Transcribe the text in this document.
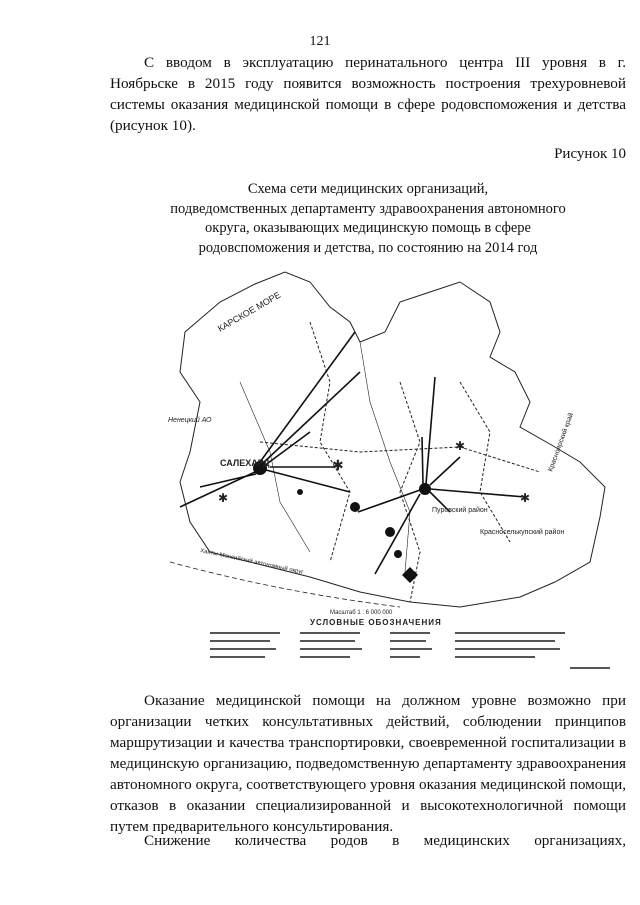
121
С вводом в эксплуатацию перинатального центра III уровня в г. Ноябрьске в 2015 году появится возможность построения трехуровневой системы оказания медицинской помощи в сфере родовспоможения и детства (рисунок 10).
Рисунок 10
Схема сети медицинских организаций,
подведомственных департаменту здравоохранения автономного
округа, оказывающих медицинскую помощь в сфере
родовспоможения и детства, по состоянию на 2014 год
✱
✱
✱
✱
КАРСКОЕ МОРЕ
САЛЕХАРД
Ненецкий АО	Красноярский край
Пуровский район
Красноселькупский район
Ханты-Мансийский автономный округ
Масштаб 1 : 6 000 000
УСЛОВНЫЕ ОБОЗНАЧЕНИЯ
Оказание медицинской помощи на должном уровне возможно при организации четких консультативных действий, соблюдении принципов маршрутизации и качества транспортировки, своевременной госпитализации в медицинскую организацию, подведомственную департаменту здравоохранения автономного округа, соответствующего уровня оказания медицинской помощи, отказов в оказании специализированной и высокотехнологичной помощи путем предварительного консультирования.
Снижение количества родов в медицинских организациях,
